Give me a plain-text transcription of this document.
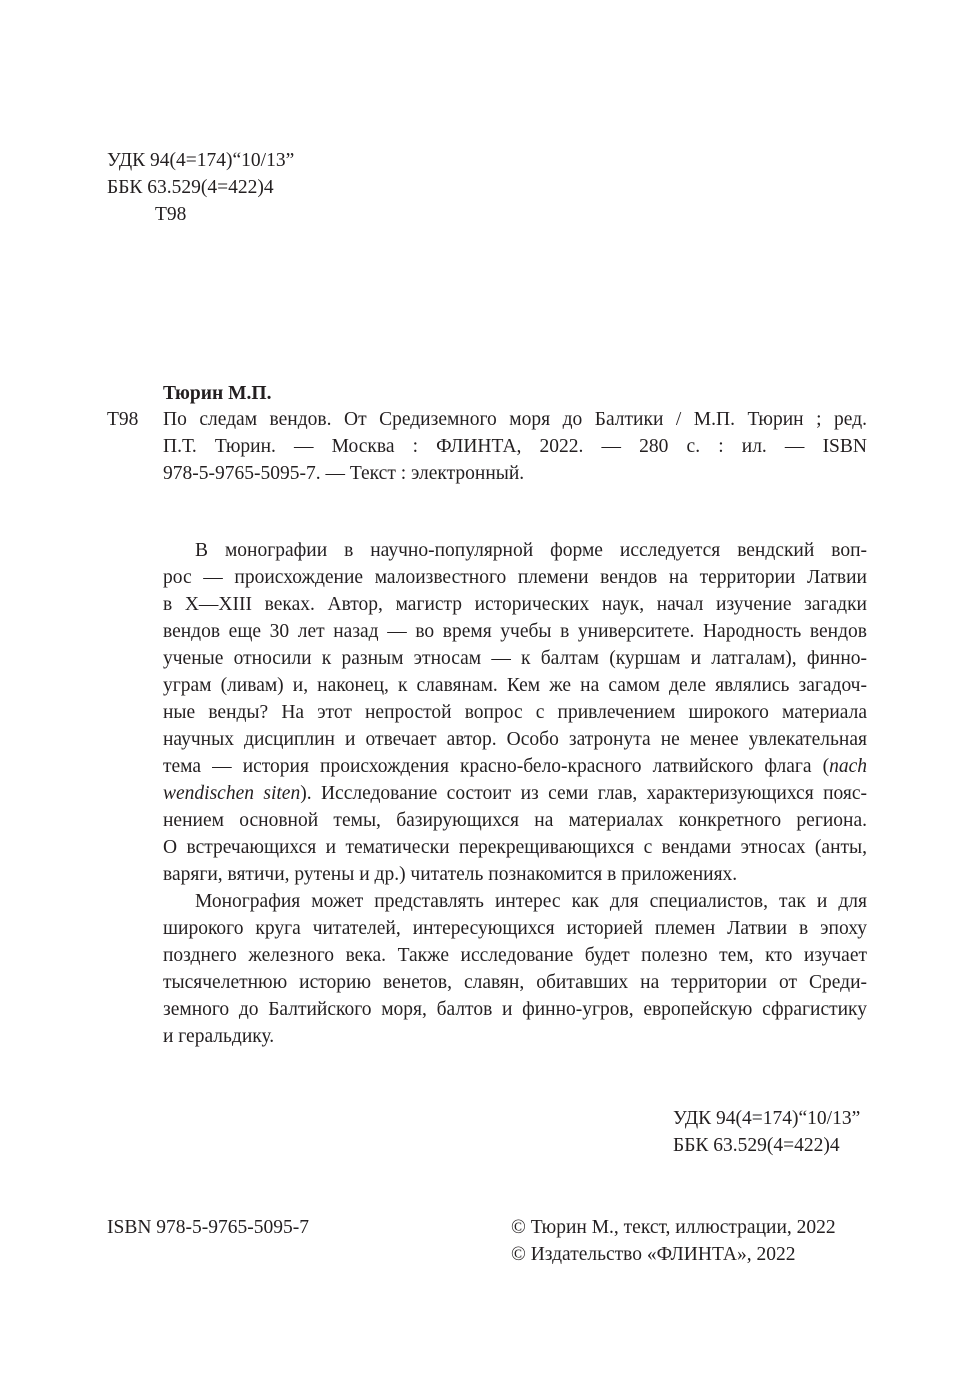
УДК 94(4=174)“10/13”
ББК 63.529(4=422)4
Т98
Тюрин М.П.
Т98 По следам вендов. От Средиземного моря до Балтики / М.П. Тюрин ; ред.
П.Т. Тюрин. — Москва : ФЛИНТА, 2022. — 280 с. : ил. — ISBN
978-5-9765-5095-7. — Текст : электронный.
В монографии в научно-популярной форме исследуется вендский воп-
рос — происхождение малоизвестного племени вендов на территории Латвии
в Х—XIII веках. Автор, магистр исторических наук, начал изучение загадки
вендов еще 30 лет назад — во время учебы в университете. Народность вендов
ученые относили к разным этносам — к балтам (куршам и латгалам), финно-
уграм (ливам) и, наконец, к славянам. Кем же на самом деле являлись загадоч-
ные венды? На этот непростой вопрос с привлечением широкого материала
научных дисциплин и отвечает автор. Особо затронута не менее увлекательная
тема — история происхождения красно-бело-красного латвийского флага (nach
wendischen siten). Исследование состоит из семи глав, характеризующихся пояс-
нением основной темы, базирующихся на материалах конкретного региона.
О встречающихся и тематически перекрещивающихся с вендами этносах (анты,
варяги, вятичи, рутены и др.) читатель познакомится в приложениях.
Монография может представлять интерес как для специалистов, так и для
широкого круга читателей, интересующихся историей племен Латвии в эпоху
позднего железного века. Также исследование будет полезно тем, кто изучает
тысячелетнюю историю венетов, славян, обитавших на территории от Среди-
земного до Балтийского моря, балтов и финно-угров, европейскую сфрагистику
и геральдику.
УДК 94(4=174)“10/13”
ББК 63.529(4=422)4
ISBN 978-5-9765-5095-7	© Тюрин М., текст, иллюстрации, 2022
© Издательство «ФЛИНТА», 2022
